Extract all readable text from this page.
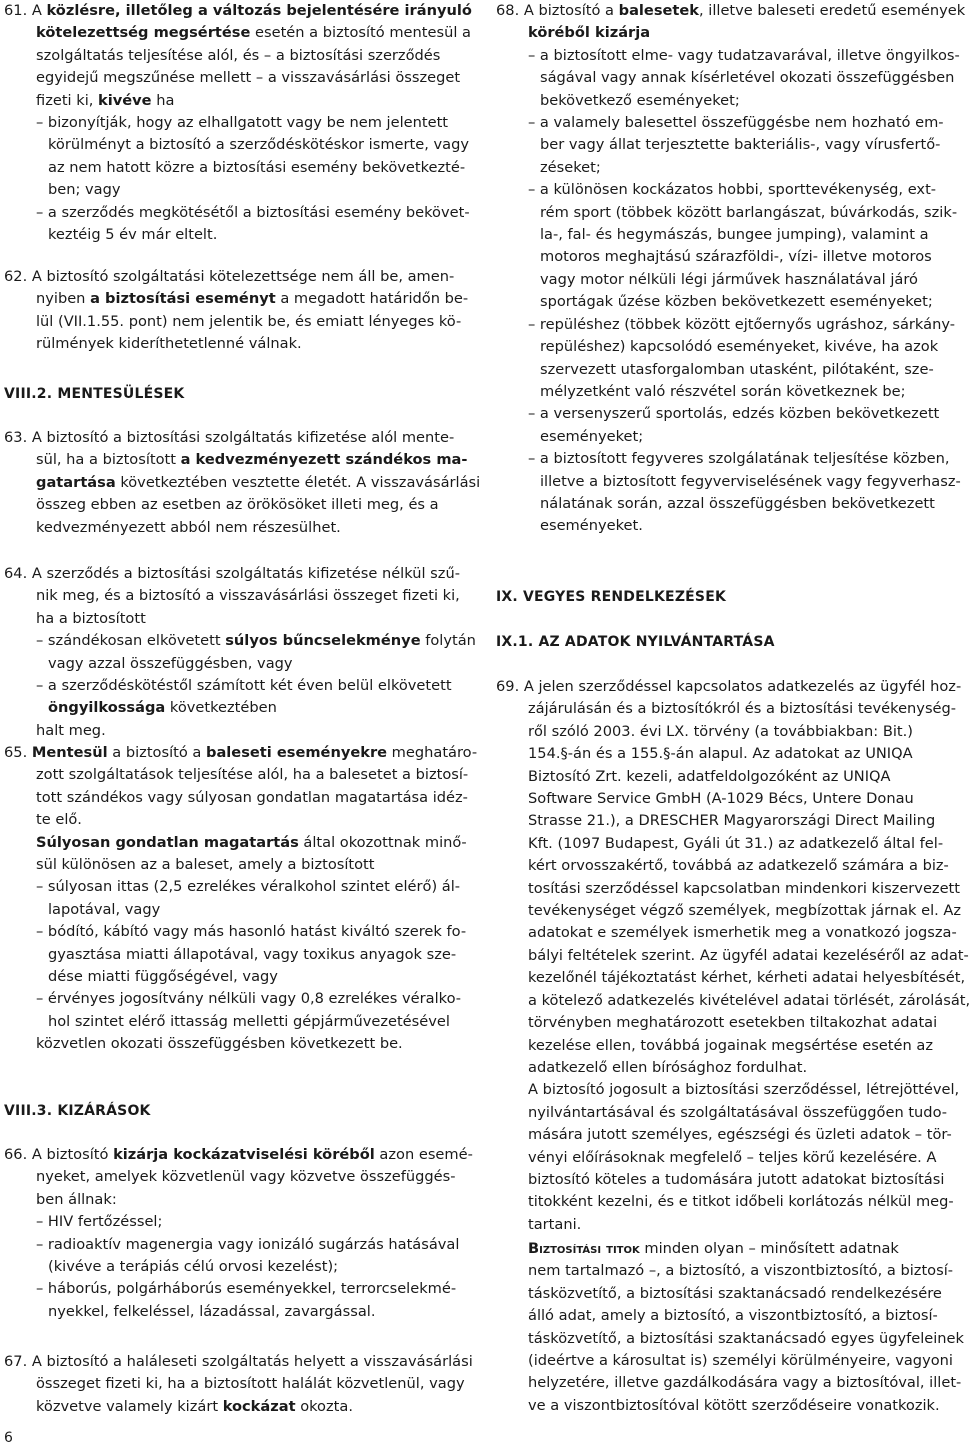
61. A közlésre, illetőleg a változás bejelentésére irányuló
kötelezettség megsértése esetén a biztosító mentesül a
szolgáltatás teljesítése alól, és – a biztosítási szerződés
egyidejű megszűnése mellett – a visszavásárlási összeget
fizeti ki, kivéve ha
– bizonyítják, hogy az elhallgatott vagy be nem jelentett
körülményt a biztosító a szerződéskötéskor ismerte, vagy
az nem hatott közre a biztosítási esemény bekövetkezté-
ben; vagy
– a szerződés megkötésétől a biztosítási esemény bekövet-
keztéig 5 év már eltelt.
62. A biztosító szolgáltatási kötelezettsége nem áll be, amen-
nyiben a biztosítási eseményt a megadott határidőn be-
lül (VII.1.55. pont) nem jelentik be, és emiatt lényeges kö-
rülmények kideríthetetlenné válnak.
VIII.2. MENTESÜLÉSEK
63. A biztosító a biztosítási szolgáltatás kifizetése alól mente-
sül, ha a biztosított a kedvezményezett szándékos ma-
gatartása következtében vesztette életét. A visszavásárlási
összeg ebben az esetben az örökösöket illeti meg, és a
kedvezményezett abból nem részesülhet.
64. A szerződés a biztosítási szolgáltatás kifizetése nélkül szű-
nik meg, és a biztosító a visszavásárlási összeget fizeti ki,
ha a biztosított
– szándékosan elkövetett súlyos bűncselekménye folytán
vagy azzal összefüggésben, vagy
– a szerződéskötéstől számított két éven belül elkövetett
öngyilkossága következtében
halt meg.
65. Mentesül a biztosító a baleseti eseményekre meghatáro-
zott szolgáltatások teljesítése alól, ha a balesetet a biztosí-
tott szándékos vagy súlyosan gondatlan magatartása idéz-
te elő.
Súlyosan gondatlan magatartás által okozottnak minő-
sül különösen az a baleset, amely a biztosított
– súlyosan ittas (2,5 ezrelékes véralkohol szintet elérő) ál-
lapotával, vagy
– bódító, kábító vagy más hasonló hatást kiváltó szerek fo-
gyasztása miatti állapotával, vagy toxikus anyagok sze-
dése miatti függőségével, vagy
– érvényes jogosítvány nélküli vagy 0,8 ezrelékes véralko-
hol szintet elérő ittasság melletti gépjárművezetésével
közvetlen okozati összefüggésben következett be.
VIII.3. KIZÁRÁSOK
66. A biztosító kizárja kockázatviselési köréből azon esemé-
nyeket, amelyek közvetlenül vagy közvetve összefüggés-
ben állnak:
– HIV fertőzéssel;
– radioaktív magenergia vagy ionizáló sugárzás hatásával
(kivéve a terápiás célú orvosi kezelést);
– háborús, polgárháborús eseményekkel, terrorcselekmé-
nyekkel, felkeléssel, lázadással, zavargással.
67. A biztosító a haláleseti szolgáltatás helyett a visszavásárlási
összeget fizeti ki, ha a biztosított halálát közvetlenül, vagy
közvetve valamely kizárt kockázat okozta.
68. A biztosító a balesetek, illetve baleseti eredetű események
köréből kizárja
– a biztosított elme- vagy tudatzavarával, illetve öngyilkos-
ságával vagy annak kísérletével okozati összefüggésben
bekövetkező eseményeket;
– a valamely balesettel összefüggésbe nem hozható em-
ber vagy állat terjesztette bakteriális-, vagy vírusfertő-
zéseket;
– a különösen kockázatos hobbi, sporttevékenység, ext-
rém sport (többek között barlangászat, búvárkodás, szik-
la-, fal- és hegymászás, bungee jumping), valamint a
motoros meghajtású szárazföldi-, vízi- illetve motoros
vagy motor nélküli légi járművek használatával járó
sportágak űzése közben bekövetkezett eseményeket;
– repüléshez (többek között ejtőernyős ugráshoz, sárkány-
repüléshez) kapcsolódó eseményeket, kivéve, ha azok
szervezett utasforgalomban utasként, pilótaként, sze-
mélyzetként való részvétel során következnek be;
– a versenyszerű sportolás, edzés közben bekövetkezett
eseményeket;
– a biztosított fegyveres szolgálatának teljesítése közben,
illetve a biztosított fegyverviselésének vagy fegyverhasz-
nálatának során, azzal összefüggésben bekövetkezett
eseményeket.
IX. VEGYES RENDELKEZÉSEK
IX.1. AZ ADATOK NYILVÁNTARTÁSA
69. A jelen szerződéssel kapcsolatos adatkezelés az ügyfél hoz-
zájárulásán és a biztosítókról és a biztosítási tevékenység-
ről szóló 2003. évi LX. törvény (a továbbiakban: Bit.)
154.§-án és a 155.§-án alapul. Az adatokat az UNIQA
Biztosító Zrt. kezeli, adatfeldolgozóként az UNIQA
Software Service GmbH (A-1029 Bécs, Untere Donau
Strasse 21.), a DRESCHER Magyarországi Direct Mailing
Kft. (1097 Budapest, Gyáli út 31.) az adatkezelő által fel-
kért orvosszakértő, továbbá az adatkezelő számára a biz-
tosítási szerződéssel kapcsolatban mindenkori kiszervezett
tevékenységet végző személyek, megbízottak járnak el. Az
adatokat e személyek ismerhetik meg a vonatkozó jogsza-
bályi feltételek szerint. Az ügyfél adatai kezeléséről az adat-
kezelőnél tájékoztatást kérhet, kérheti adatai helyesbítését,
a kötelező adatkezelés kivételével adatai törlését, zárolását,
törvényben meghatározott esetekben tiltakozhat adatai
kezelése ellen, továbbá jogainak megsértése esetén az
adatkezelő ellen bírósághoz fordulhat.
A biztosító jogosult a biztosítási szerződéssel, létrejöttével,
nyilvántartásával és szolgáltatásával összefüggően tudo-
mására jutott személyes, egészségi és üzleti adatok – tör-
vényi előírásoknak megfelelő – teljes körű kezelésére. A
biztosító köteles a tudomására jutott adatokat biztosítási
titokként kezelni, és e titkot időbeli korlátozás nélkül meg-
tartani.
Biztosítási titok minden olyan – minősített adatnak
nem tartalmazó –, a biztosító, a viszontbiztosító, a biztosí-
tásközvetítő, a biztosítási szaktanácsadó rendelkezésére
álló adat, amely a biztosító, a viszontbiztosító, a biztosí-
tásközvetítő, a biztosítási szaktanácsadó egyes ügyfeleinek
(ideértve a károsultat is) személyi körülményeire, vagyoni
helyzetére, illetve gazdálkodására vagy a biztosítóval, illet-
ve a viszontbiztosítóval kötött szerződéseire vonatkozik.
6
